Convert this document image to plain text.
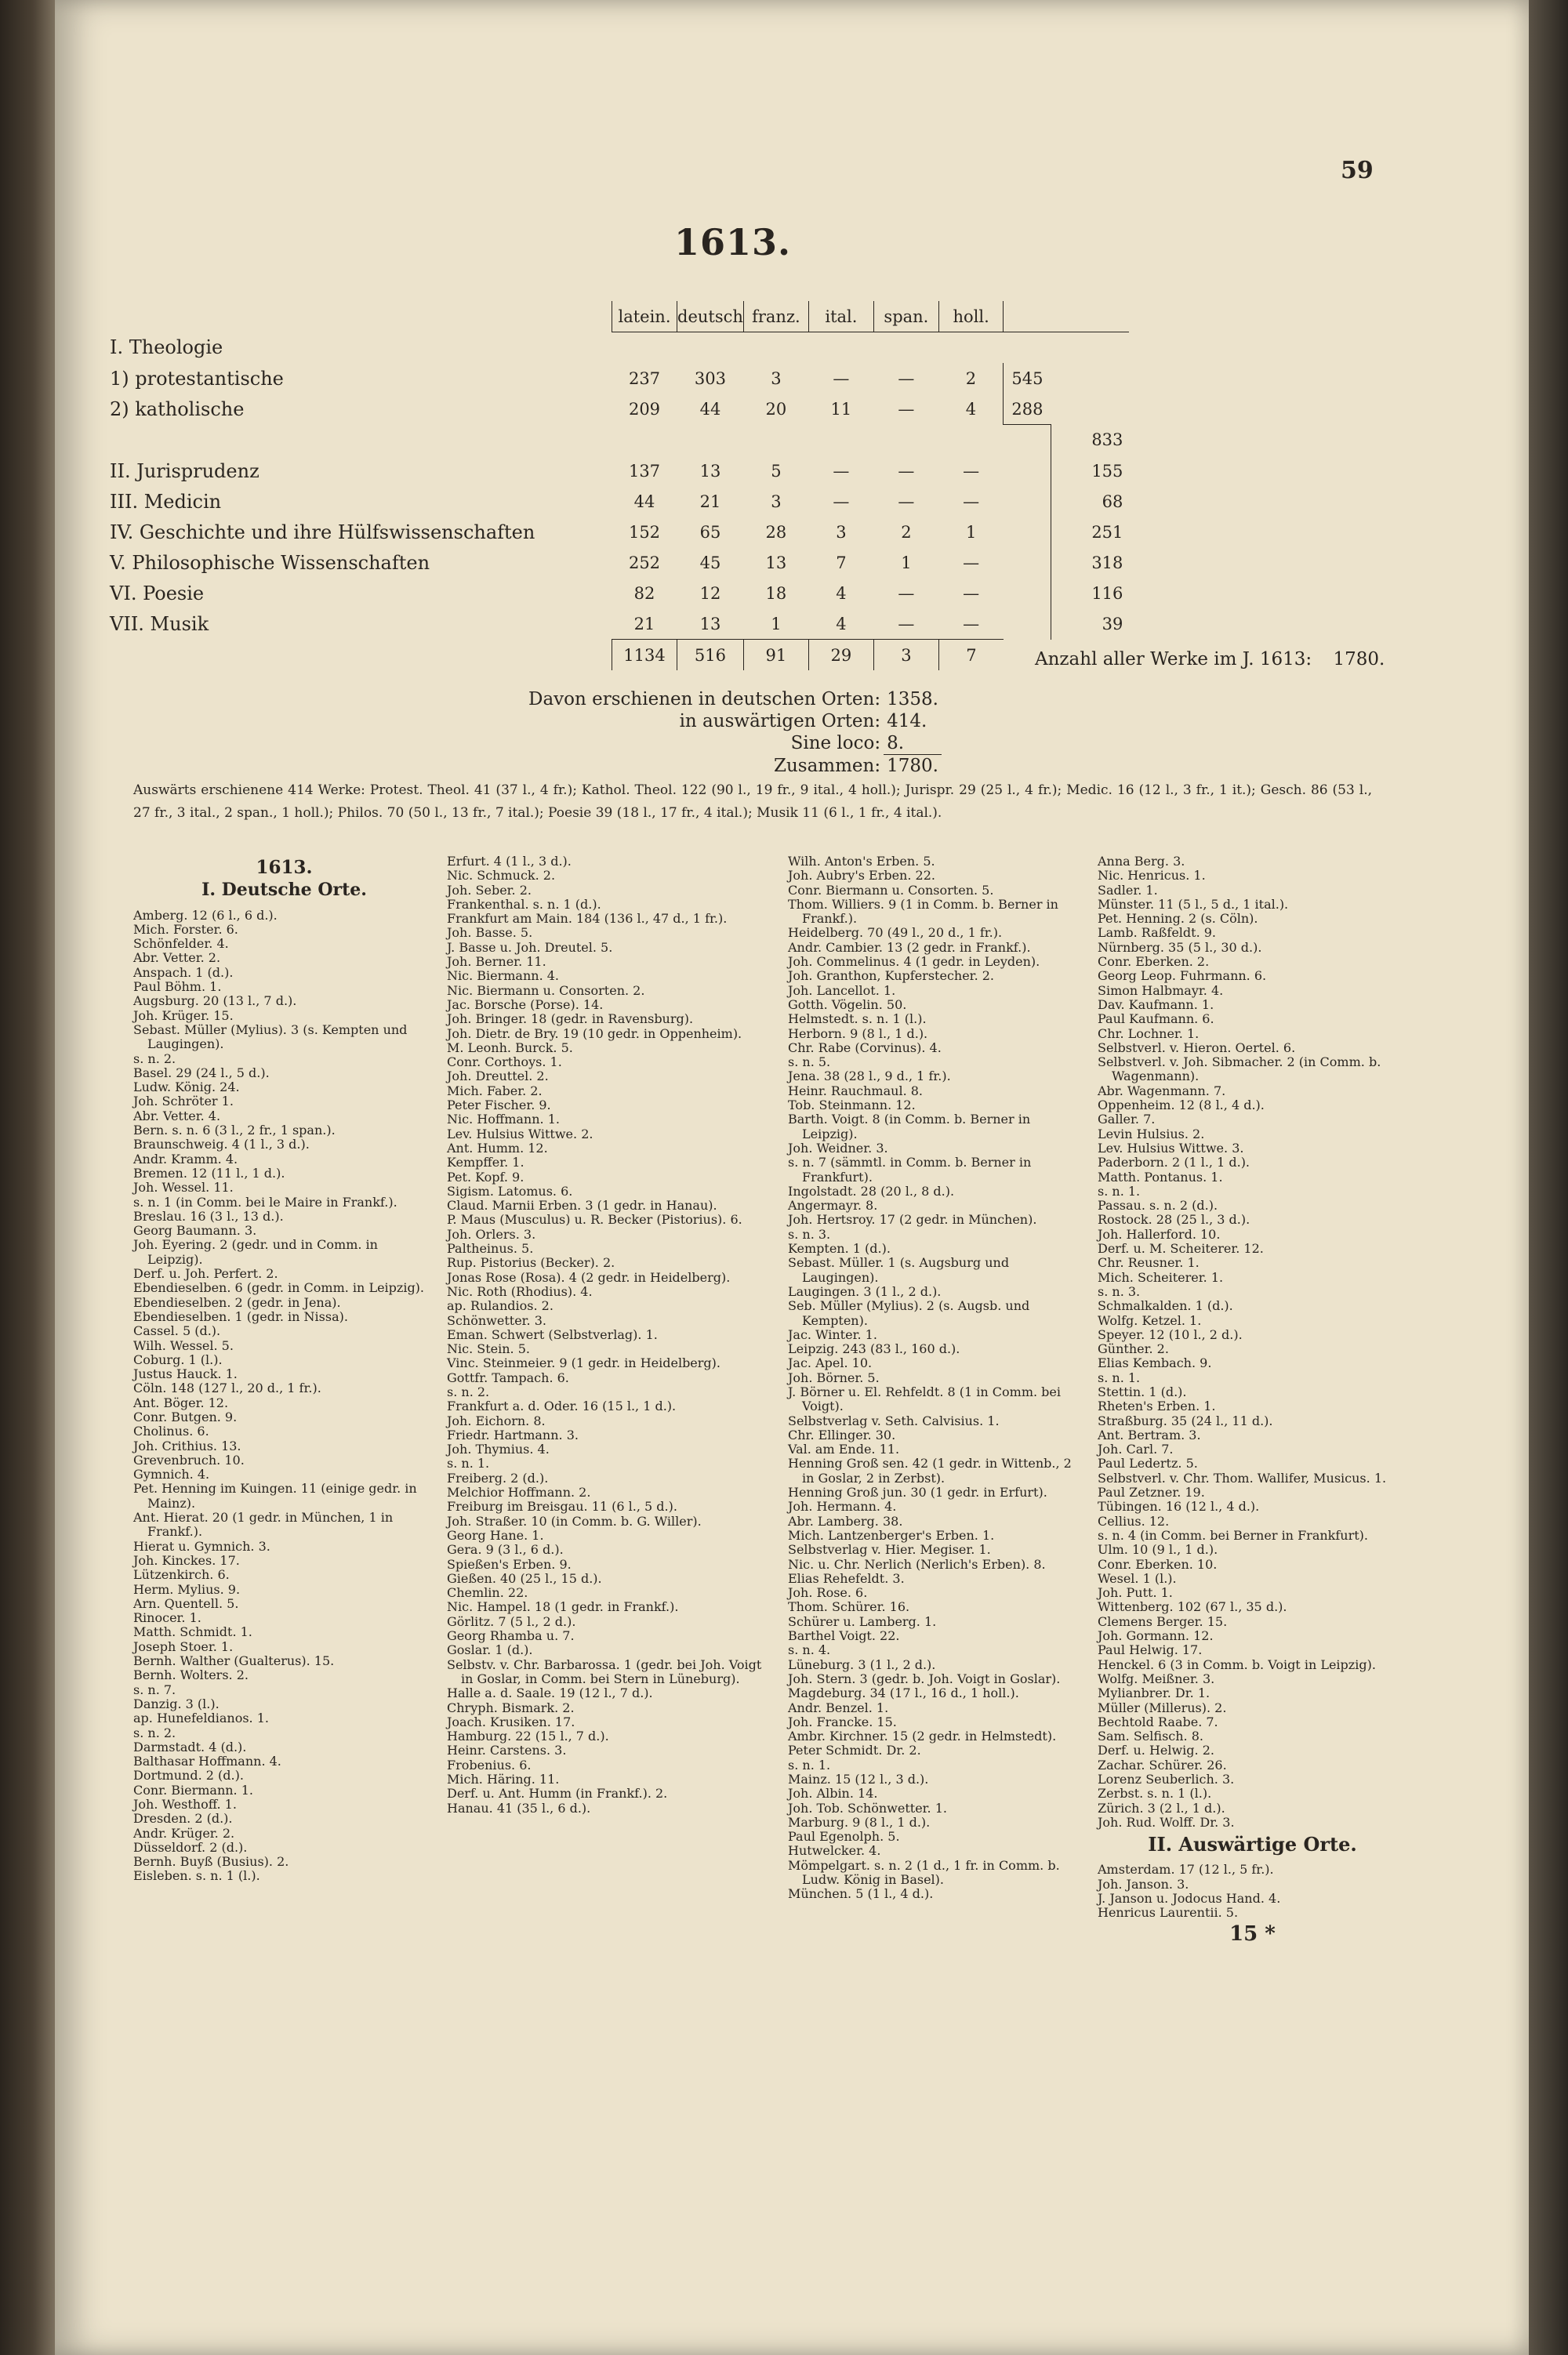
59
1613.
	latein.	deutsch	franz.	ital.	span.	holl.		
I. Theologie								
1) protestantische	237	303	3	—	—	2	545	
2) katholische	209	44	20	11	—	4	288	
								833
II. Jurisprudenz	137	13	5	—	—	—		155
III. Medicin	44	21	3	—	—	—		68
IV. Geschichte und ihre Hülfswissenschaften	152	65	28	3	2	1		251
V. Philosophische Wissenschaften	252	45	13	7	1	—		318
VI. Poesie	82	12	18	4	—	—		116
VII. Musik	21	13	1	4	—	—		39
	1134	516	91	29	3	7			Anzahl aller Werke im J. 1613: 1780.
Davon erschienen in deutschen Orten:	1358.
in auswärtigen Orten:	414.
Sine loco:	8.
Zusammen:	1780.
Auswärts erschienene 414 Werke: Protest. Theol. 41 (37 l., 4 fr.); Kathol. Theol. 122 (90 l., 19 fr., 9 ital., 4 holl.); Jurispr. 29 (25 l., 4 fr.); Medic. 16 (12 l., 3 fr., 1 it.); Gesch. 86 (53 l., 27 fr., 3 ital., 2 span., 1 holl.); Philos. 70 (50 l., 13 fr., 7 ital.); Poesie 39 (18 l., 17 fr., 4 ital.); Musik 11 (6 l., 1 fr., 4 ital.).
1613.
I. Deutsche Orte.

Amberg. 12 (6 l., 6 d.).

Mich. Forster. 6.

Schönfelder. 4.

Abr. Vetter. 2.

Anspach. 1 (d.).

Paul Böhm. 1.

Augsburg. 20 (13 l., 7 d.).

Joh. Krüger. 15.

Sebast. Müller (Mylius). 3 (s. Kempten und Laugingen).

s. n. 2.

Basel. 29 (24 l., 5 d.).

Ludw. König. 24.

Joh. Schröter 1.

Abr. Vetter. 4.

Bern. s. n. 6 (3 l., 2 fr., 1 span.).

Braunschweig. 4 (1 l., 3 d.).

Andr. Kramm. 4.

Bremen. 12 (11 l., 1 d.).

Joh. Wessel. 11.

s. n. 1 (in Comm. bei le Maire in Frankf.).

Breslau. 16 (3 l., 13 d.).

Georg Baumann. 3.

Joh. Eyering. 2 (gedr. und in Comm. in Leipzig).

Derf. u. Joh. Perfert. 2.

Ebendieselben. 6 (gedr. in Comm. in Leipzig).

Ebendieselben. 2 (gedr. in Jena).

Ebendieselben. 1 (gedr. in Nissa).

Cassel. 5 (d.).

Wilh. Wessel. 5.

Coburg. 1 (l.).

Justus Hauck. 1.

Cöln. 148 (127 l., 20 d., 1 fr.).

Ant. Böger. 12.

Conr. Butgen. 9.

Cholinus. 6.

Joh. Crithius. 13.

Grevenbruch. 10.

Gymnich. 4.

Pet. Henning im Kuingen. 11 (einige gedr. in Mainz).

Ant. Hierat. 20 (1 gedr. in München, 1 in Frankf.).

Hierat u. Gymnich. 3.

Joh. Kinckes. 17.

Lützenkirch. 6.

Herm. Mylius. 9.

Arn. Quentell. 5.

Rinocer. 1.

Matth. Schmidt. 1.

Joseph Stoer. 1.

Bernh. Walther (Gualterus). 15.

Bernh. Wolters. 2.

s. n. 7.

Danzig. 3 (l.).

ap. Hunefeldianos. 1.

s. n. 2.

Darmstadt. 4 (d.).

Balthasar Hoffmann. 4.

Dortmund. 2 (d.).

Conr. Biermann. 1.

Joh. Westhoff. 1.

Dresden. 2 (d.).

Andr. Krüger. 2.

Düsseldorf. 2 (d.).

Bernh. Buyß (Busius). 2.

Eisleben. s. n. 1 (l.).

Erfurt. 4 (1 l., 3 d.).

Nic. Schmuck. 2.

Joh. Seber. 2.

Frankenthal. s. n. 1 (d.).

Frankfurt am Main. 184 (136 l., 47 d., 1 fr.).

Joh. Basse. 5.

J. Basse u. Joh. Dreutel. 5.

Joh. Berner. 11.

Nic. Biermann. 4.

Nic. Biermann u. Consorten. 2.

Jac. Borsche (Porse). 14.

Joh. Bringer. 18 (gedr. in Ravensburg).

Joh. Dietr. de Bry. 19 (10 gedr. in Oppenheim).

M. Leonh. Burck. 5.

Conr. Corthoys. 1.

Joh. Dreuttel. 2.

Mich. Faber. 2.

Peter Fischer. 9.

Nic. Hoffmann. 1.

Lev. Hulsius Wittwe. 2.

Ant. Humm. 12.

Kempffer. 1.

Pet. Kopf. 9.

Sigism. Latomus. 6.

Claud. Marnii Erben. 3 (1 gedr. in Hanau).

P. Maus (Musculus) u. R. Becker (Pistorius). 6.

Joh. Orlers. 3.

Paltheinus. 5.

Rup. Pistorius (Becker). 2.

Jonas Rose (Rosa). 4 (2 gedr. in Heidelberg).

Nic. Roth (Rhodius). 4.

ap. Rulandios. 2.

Schönwetter. 3.

Eman. Schwert (Selbstverlag). 1.

Nic. Stein. 5.

Vinc. Steinmeier. 9 (1 gedr. in Heidelberg).

Gottfr. Tampach. 6.

s. n. 2.

Frankfurt a. d. Oder. 16 (15 l., 1 d.).

Joh. Eichorn. 8.

Friedr. Hartmann. 3.

Joh. Thymius. 4.

s. n. 1.

Freiberg. 2 (d.).

Melchior Hoffmann. 2.

Freiburg im Breisgau. 11 (6 l., 5 d.).

Joh. Straßer. 10 (in Comm. b. G. Willer).

Georg Hane. 1.

Gera. 9 (3 l., 6 d.).

Spießen's Erben. 9.

Gießen. 40 (25 l., 15 d.).

Chemlin. 22.

Nic. Hampel. 18 (1 gedr. in Frankf.).

Görlitz. 7 (5 l., 2 d.).

Georg Rhamba u. 7.

Goslar. 1 (d.).

Selbstv. v. Chr. Barbarossa. 1 (gedr. bei Joh. Voigt in Goslar, in Comm. bei Stern in Lüneburg).

Halle a. d. Saale. 19 (12 l., 7 d.).

Chryph. Bismark. 2.

Joach. Krusiken. 17.

Hamburg. 22 (15 l., 7 d.).

Heinr. Carstens. 3.

Frobenius. 6.

Mich. Häring. 11.

Derf. u. Ant. Humm (in Frankf.). 2.

Hanau. 41 (35 l., 6 d.).

Wilh. Anton's Erben. 5.

Joh. Aubry's Erben. 22.

Conr. Biermann u. Consorten. 5.

Thom. Williers. 9 (1 in Comm. b. Berner in Frankf.).

Heidelberg. 70 (49 l., 20 d., 1 fr.).

Andr. Cambier. 13 (2 gedr. in Frankf.).

Joh. Commelinus. 4 (1 gedr. in Leyden).

Joh. Granthon, Kupferstecher. 2.

Joh. Lancellot. 1.

Gotth. Vögelin. 50.

Helmstedt. s. n. 1 (l.).

Herborn. 9 (8 l., 1 d.).

Chr. Rabe (Corvinus). 4.

s. n. 5.

Jena. 38 (28 l., 9 d., 1 fr.).

Heinr. Rauchmaul. 8.

Tob. Steinmann. 12.

Barth. Voigt. 8 (in Comm. b. Berner in Leipzig).

Joh. Weidner. 3.

s. n. 7 (sämmtl. in Comm. b. Berner in Frankfurt).

Ingolstadt. 28 (20 l., 8 d.).

Angermayr. 8.

Joh. Hertsroy. 17 (2 gedr. in München).

s. n. 3.

Kempten. 1 (d.).

Sebast. Müller. 1 (s. Augsburg und Laugingen).

Laugingen. 3 (1 l., 2 d.).

Seb. Müller (Mylius). 2 (s. Augsb. und Kempten).

Jac. Winter. 1.

Leipzig. 243 (83 l., 160 d.).

Jac. Apel. 10.

Joh. Börner. 5.

J. Börner u. El. Rehfeldt. 8 (1 in Comm. bei Voigt).

Selbstverlag v. Seth. Calvisius. 1.

Chr. Ellinger. 30.

Val. am Ende. 11.

Henning Groß sen. 42 (1 gedr. in Wittenb., 2 in Goslar, 2 in Zerbst).

Henning Groß jun. 30 (1 gedr. in Erfurt).

Joh. Hermann. 4.

Abr. Lamberg. 38.

Mich. Lantzenberger's Erben. 1.

Selbstverlag v. Hier. Megiser. 1.

Nic. u. Chr. Nerlich (Nerlich's Erben). 8.

Elias Rehefeldt. 3.

Joh. Rose. 6.

Thom. Schürer. 16.

Schürer u. Lamberg. 1.

Barthel Voigt. 22.

s. n. 4.

Lüneburg. 3 (1 l., 2 d.).

Joh. Stern. 3 (gedr. b. Joh. Voigt in Goslar).

Magdeburg. 34 (17 l., 16 d., 1 holl.).

Andr. Benzel. 1.

Joh. Francke. 15.

Ambr. Kirchner. 15 (2 gedr. in Helmstedt).

Peter Schmidt. Dr. 2.

s. n. 1.

Mainz. 15 (12 l., 3 d.).

Joh. Albin. 14.

Joh. Tob. Schönwetter. 1.

Marburg. 9 (8 l., 1 d.).

Paul Egenolph. 5.

Hutwelcker. 4.

Mömpelgart. s. n. 2 (1 d., 1 fr. in Comm. b. Ludw. König in Basel).

München. 5 (1 l., 4 d.).

Anna Berg. 3.

Nic. Henricus. 1.

Sadler. 1.

Münster. 11 (5 l., 5 d., 1 ital.).

Pet. Henning. 2 (s. Cöln).

Lamb. Raßfeldt. 9.

Nürnberg. 35 (5 l., 30 d.).

Conr. Eberken. 2.

Georg Leop. Fuhrmann. 6.

Simon Halbmayr. 4.

Dav. Kaufmann. 1.

Paul Kaufmann. 6.

Chr. Lochner. 1.

Selbstverl. v. Hieron. Oertel. 6.

Selbstverl. v. Joh. Sibmacher. 2 (in Comm. b. Wagenmann).

Abr. Wagenmann. 7.

Oppenheim. 12 (8 l., 4 d.).

Galler. 7.

Levin Hulsius. 2.

Lev. Hulsius Wittwe. 3.

Paderborn. 2 (1 l., 1 d.).

Matth. Pontanus. 1.

s. n. 1.

Passau. s. n. 2 (d.).

Rostock. 28 (25 l., 3 d.).

Joh. Hallerford. 10.

Derf. u. M. Scheiterer. 12.

Chr. Reusner. 1.

Mich. Scheiterer. 1.

s. n. 3.

Schmalkalden. 1 (d.).

Wolfg. Ketzel. 1.

Speyer. 12 (10 l., 2 d.).

Günther. 2.

Elias Kembach. 9.

s. n. 1.

Stettin. 1 (d.).

Rheten's Erben. 1.

Straßburg. 35 (24 l., 11 d.).

Ant. Bertram. 3.

Joh. Carl. 7.

Paul Ledertz. 5.

Selbstverl. v. Chr. Thom. Wallifer, Musicus. 1.

Paul Zetzner. 19.

Tübingen. 16 (12 l., 4 d.).

Cellius. 12.

s. n. 4 (in Comm. bei Berner in Frankfurt).

Ulm. 10 (9 l., 1 d.).

Conr. Eberken. 10.

Wesel. 1 (l.).

Joh. Putt. 1.

Wittenberg. 102 (67 l., 35 d.).

Clemens Berger. 15.

Joh. Gormann. 12.

Paul Helwig. 17.

Henckel. 6 (3 in Comm. b. Voigt in Leipzig).

Wolfg. Meißner. 3.

Mylianbrer. Dr. 1.

Müller (Millerus). 2.

Bechtold Raabe. 7.

Sam. Selfisch. 8.

Derf. u. Helwig. 2.

Zachar. Schürer. 26.

Lorenz Seuberlich. 3.

Zerbst. s. n. 1 (l.).

Zürich. 3 (2 l., 1 d.).

Joh. Rud. Wolff. Dr. 3.

II. Auswärtige Orte.

Amsterdam. 17 (12 l., 5 fr.).

Joh. Janson. 3.

J. Janson u. Jodocus Hand. 4.

Henricus Laurentii. 5.

15 *
